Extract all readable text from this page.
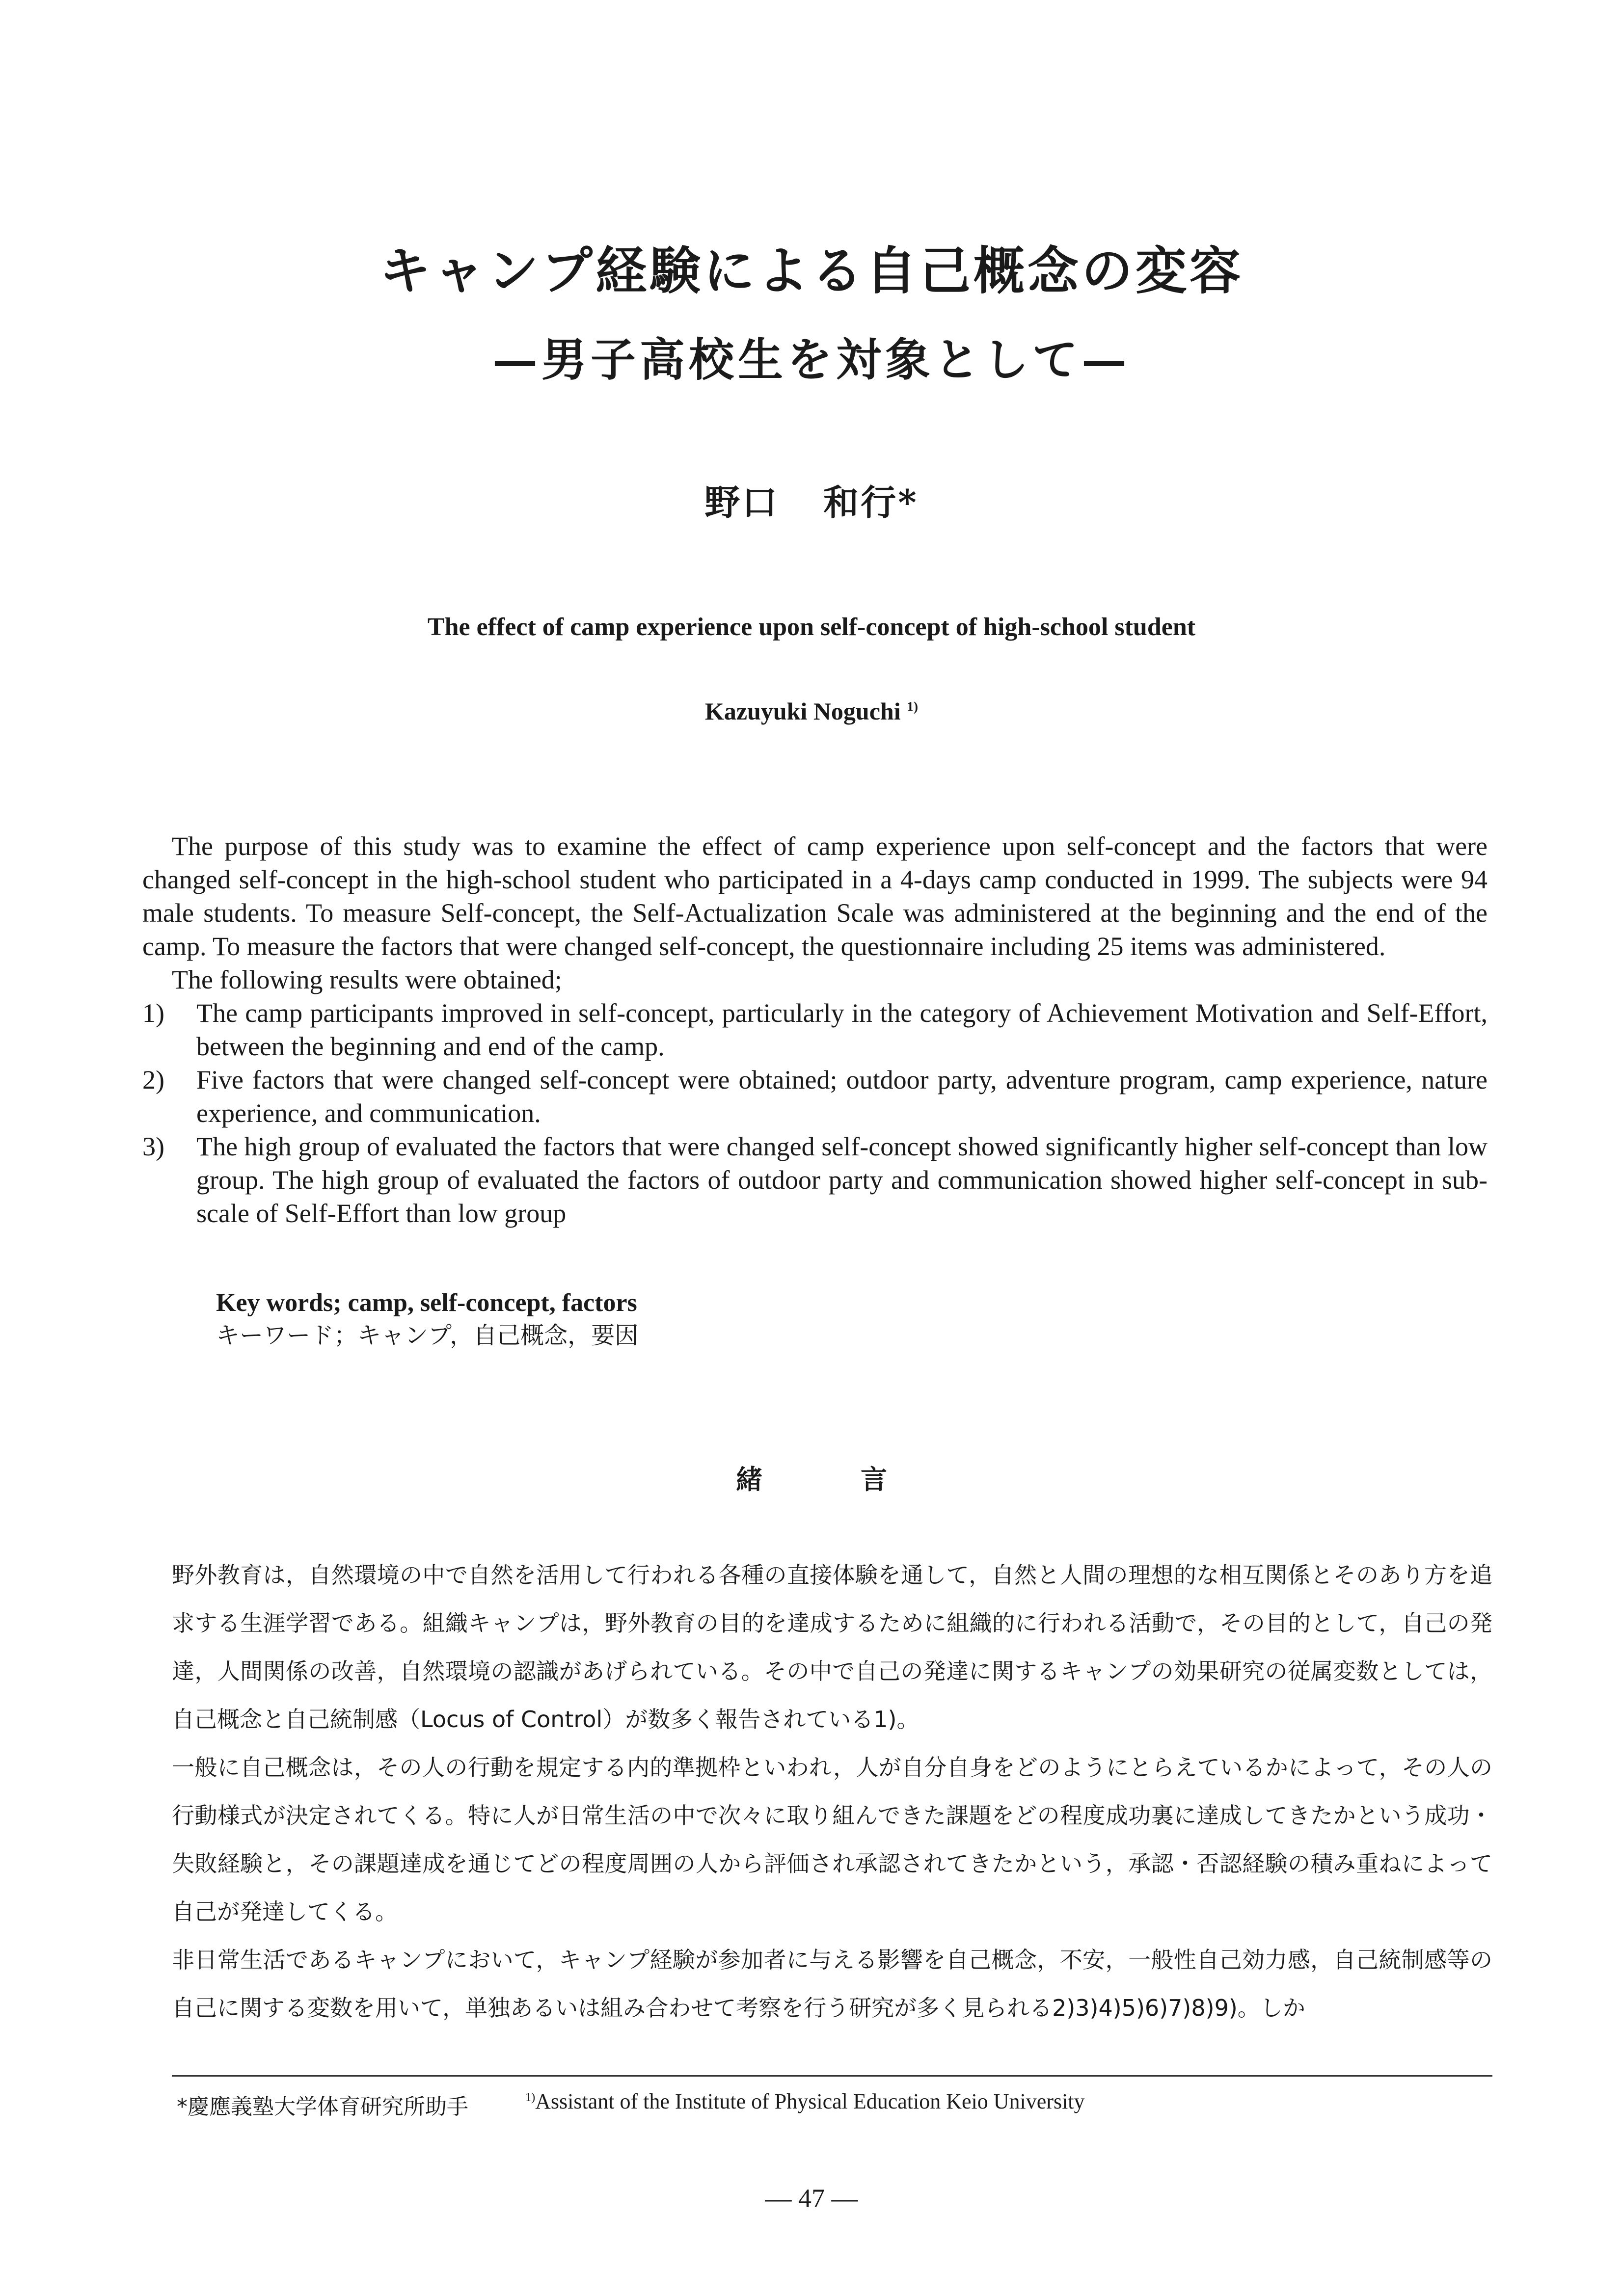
キャンプ経験による自己概念の変容
—男子高校生を対象として—
野口 和行*
The effect of camp experience upon self-concept of high-school student
Kazuyuki Noguchi $^{1)}$

The purpose of this study was to examine the effect of camp experience upon self-concept and the factors that were changed self-concept in the high-school student who participated in a 4-days camp conducted in 1999. The subjects were 94 male students. To measure Self-concept, the Self-Actualization Scale was administered at the beginning and the end of the camp. To measure the factors that were changed self-concept, the questionnaire including 25 items was administered.

The following results were obtained;
1) The camp participants improved in self-concept, particularly in the category of Achievement Motivation and Self-Effort, between the beginning and end of the camp.
2) Five factors that were changed self-concept were obtained; outdoor party, adventure program, camp experience, nature experience, and communication.
3) The high group of evaluated the factors that were changed self-concept showed significantly higher self-concept than low group. The high group of evaluated the factors of outdoor party and communication showed higher self-concept in sub-scale of Self-Effort than low group
Key words; camp, self-concept, factors
キーワード；キャンプ，自己概念，要因
緒言

野外教育は，自然環境の中で自然を活用して行われる各種の直接体験を通して，自然と人間の理想的な相互関係とそのあり方を追求する生涯学習である。組織キャンプは，野外教育の目的を達成するために組織的に行われる活動で，その目的として，自己の発達，人間関係の改善，自然環境の認識があげられている。その中で自己の発達に関するキャンプの効果研究の従属変数としては，自己概念と自己統制感（Locus of Control）が数多く報告されている1)。

一般に自己概念は，その人の行動を規定する内的準拠枠といわれ，人が自分自身をどのようにとらえているかによって，その人の行動様式が決定されてくる。特に人が日常生活の中で次々に取り組んできた課題をどの程度成功裏に達成してきたかという成功・失敗経験と，その課題達成を通じてどの程度周囲の人から評価され承認されてきたかという，承認・否認経験の積み重ねによって自己が発達してくる。

非日常生活であるキャンプにおいて，キャンプ経験が参加者に与える影響を自己概念，不安，一般性自己効力感，自己統制感等の自己に関する変数を用いて，単独あるいは組み合わせて考察を行う研究が多く見られる2)3)4)5)6)7)8)9)。しか

*慶應義塾大学体育研究所助手	$^{1)}$Assistant of the Institute of Physical Education Keio University
— 47 —
